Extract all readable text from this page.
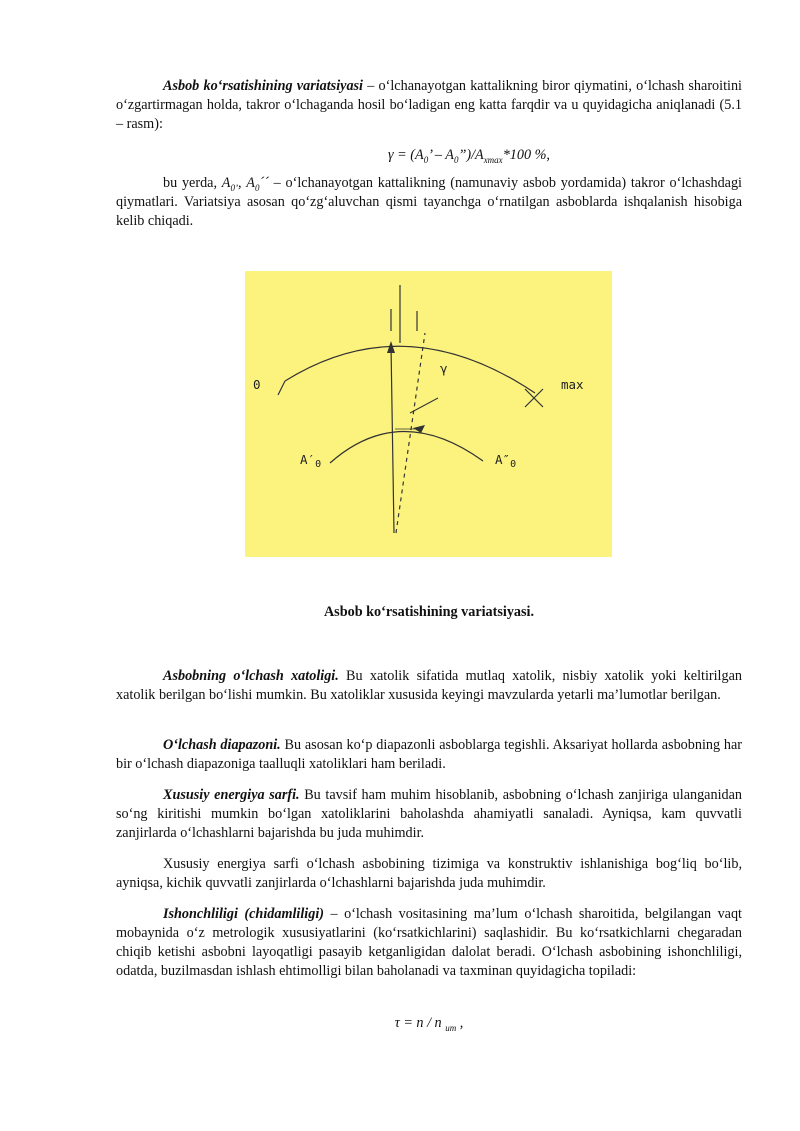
Asbob ko‘rsatishining variatsiyasi – o‘lchanayotgan kattalikning biror qiymatini, o‘lchash sharoitini o‘zgartirmagan holda, takror o‘lchaganda hosil bo‘ladigan eng katta farqdir va u quyidagicha aniqlanadi (5.1 – rasm):

$\gamma = (A_0$’ – $A_0”)/A_{xmax}*100$ %,

bu yerda, $A_{0’}$, $A_0´´$ – o‘lchanayotgan kattalikning (namunaviy asbob yordamida) takror o‘lchashdagi qiymatlari. Variatsiya asosan qo‘zg‘aluvchan qismi tayanchga o‘rnatilgan asboblarda ishqalanish hisobiga kelib chiqadi.

0	max
γ
$A'_0$	$A''_0$
Asbob ko‘rsatishining variatsiyasi.

Asbobning o‘lchash xatoligi. Bu xatolik sifatida mutlaq xatolik, nisbiy xatolik yoki keltirilgan xatolik berilgan bo‘lishi mumkin. Bu xatoliklar xususida keyingi mavzularda yetarli ma’lumotlar berilgan.

O‘lchash diapazoni. Bu asosan ko‘p diapazonli asboblarga tegishli. Aksariyat hollarda asbobning har bir o‘lchash diapazoniga taalluqli xatoliklari ham beriladi.

Xususiy energiya sarfi. Bu tavsif ham muhim hisoblanib, asbobning o‘lchash zanjiriga ulanganidan so‘ng kiritishi mumkin bo‘lgan xatoliklarini baholashda ahamiyatli sanaladi. Ayniqsa, kam quvvatli zanjirlarda o‘lchashlarni bajarishda bu juda muhimdir.

Xususiy energiya sarfi o‘lchash asbobining tizimiga va konstruktiv ishlanishiga bog‘liq bo‘lib, ayniqsa, kichik quvvatli zanjirlarda o‘lchashlarni bajarishda juda muhimdir.

Ishonchliligi (chidamliligi) – o‘lchash vositasining ma’lum o‘lchash sharoitida, belgilangan vaqt mobaynida o‘z metrologik xususiyatlarini (ko‘rsatkichlarini) saqlashidir. Bu ko‘rsatkichlarni chegaradan chiqib ketishi asbobni layoqatligi pasayib ketganligidan dalolat beradi. O‘lchash asbobining ishonchliligi, odatda, buzilmasdan ishlash ehtimolligi bilan baholanadi va taxminan quyidagicha topiladi:

τ = n / n $_{um}$ ,
